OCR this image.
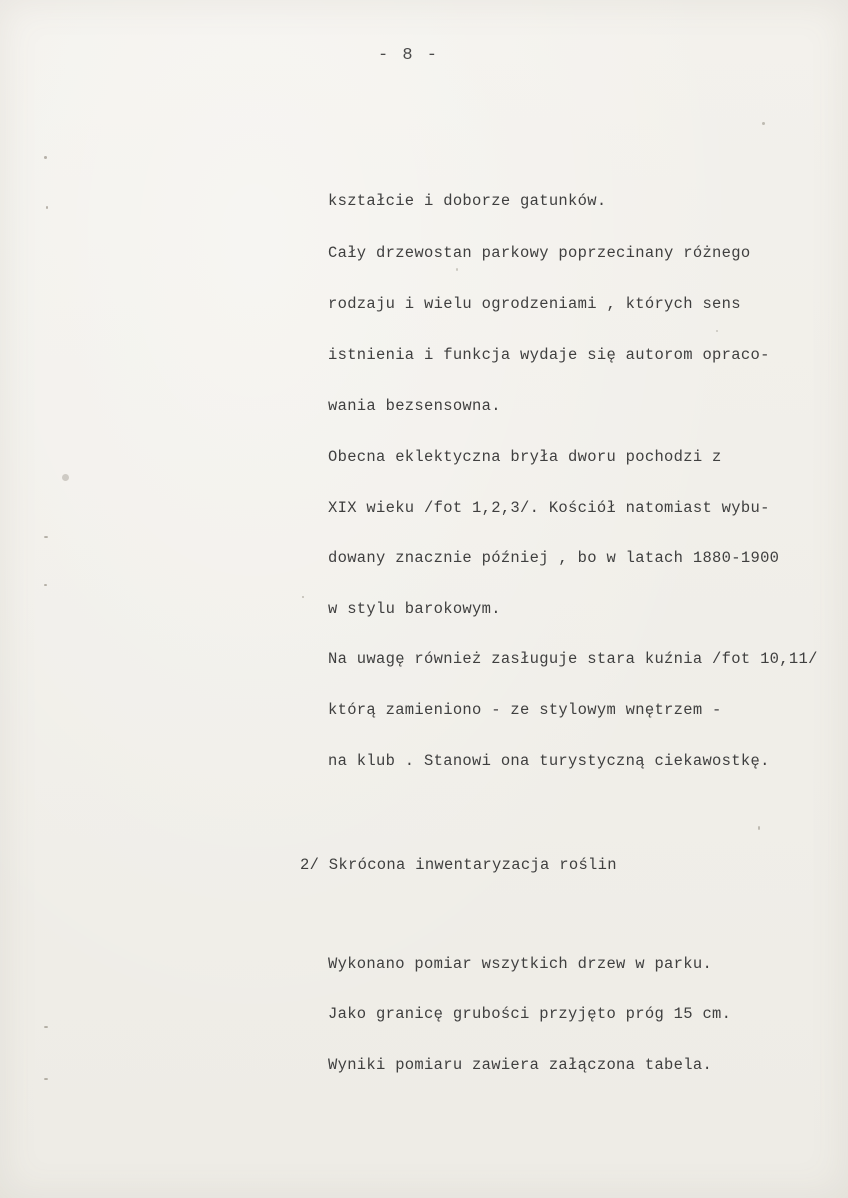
- 8 -
kształcie i doborze gatunków.
Cały drzewostan parkowy poprzecinany różnego
rodzaju i wielu ogrodzeniami , których sens
istnienia i funkcja wydaje się autorom opraco-
wania bezsensowna.
Obecna eklektyczna bryła dworu pochodzi z
XIX wieku /fot 1,2,3/. Kościół natomiast wybu-
dowany znacznie później , bo w latach 1880-1900
w stylu barokowym.
Na uwagę również zasługuje stara kuźnia /fot 10,11/
którą zamieniono - ze stylowym wnętrzem -
na klub . Stanowi ona turystyczną ciekawostkę.
2/ Skrócona inwentaryzacja roślin
Wykonano pomiar wszytkich drzew w parku.
Jako granicę grubości przyjęto próg 15 cm.
Wyniki pomiaru zawiera załączona tabela.
